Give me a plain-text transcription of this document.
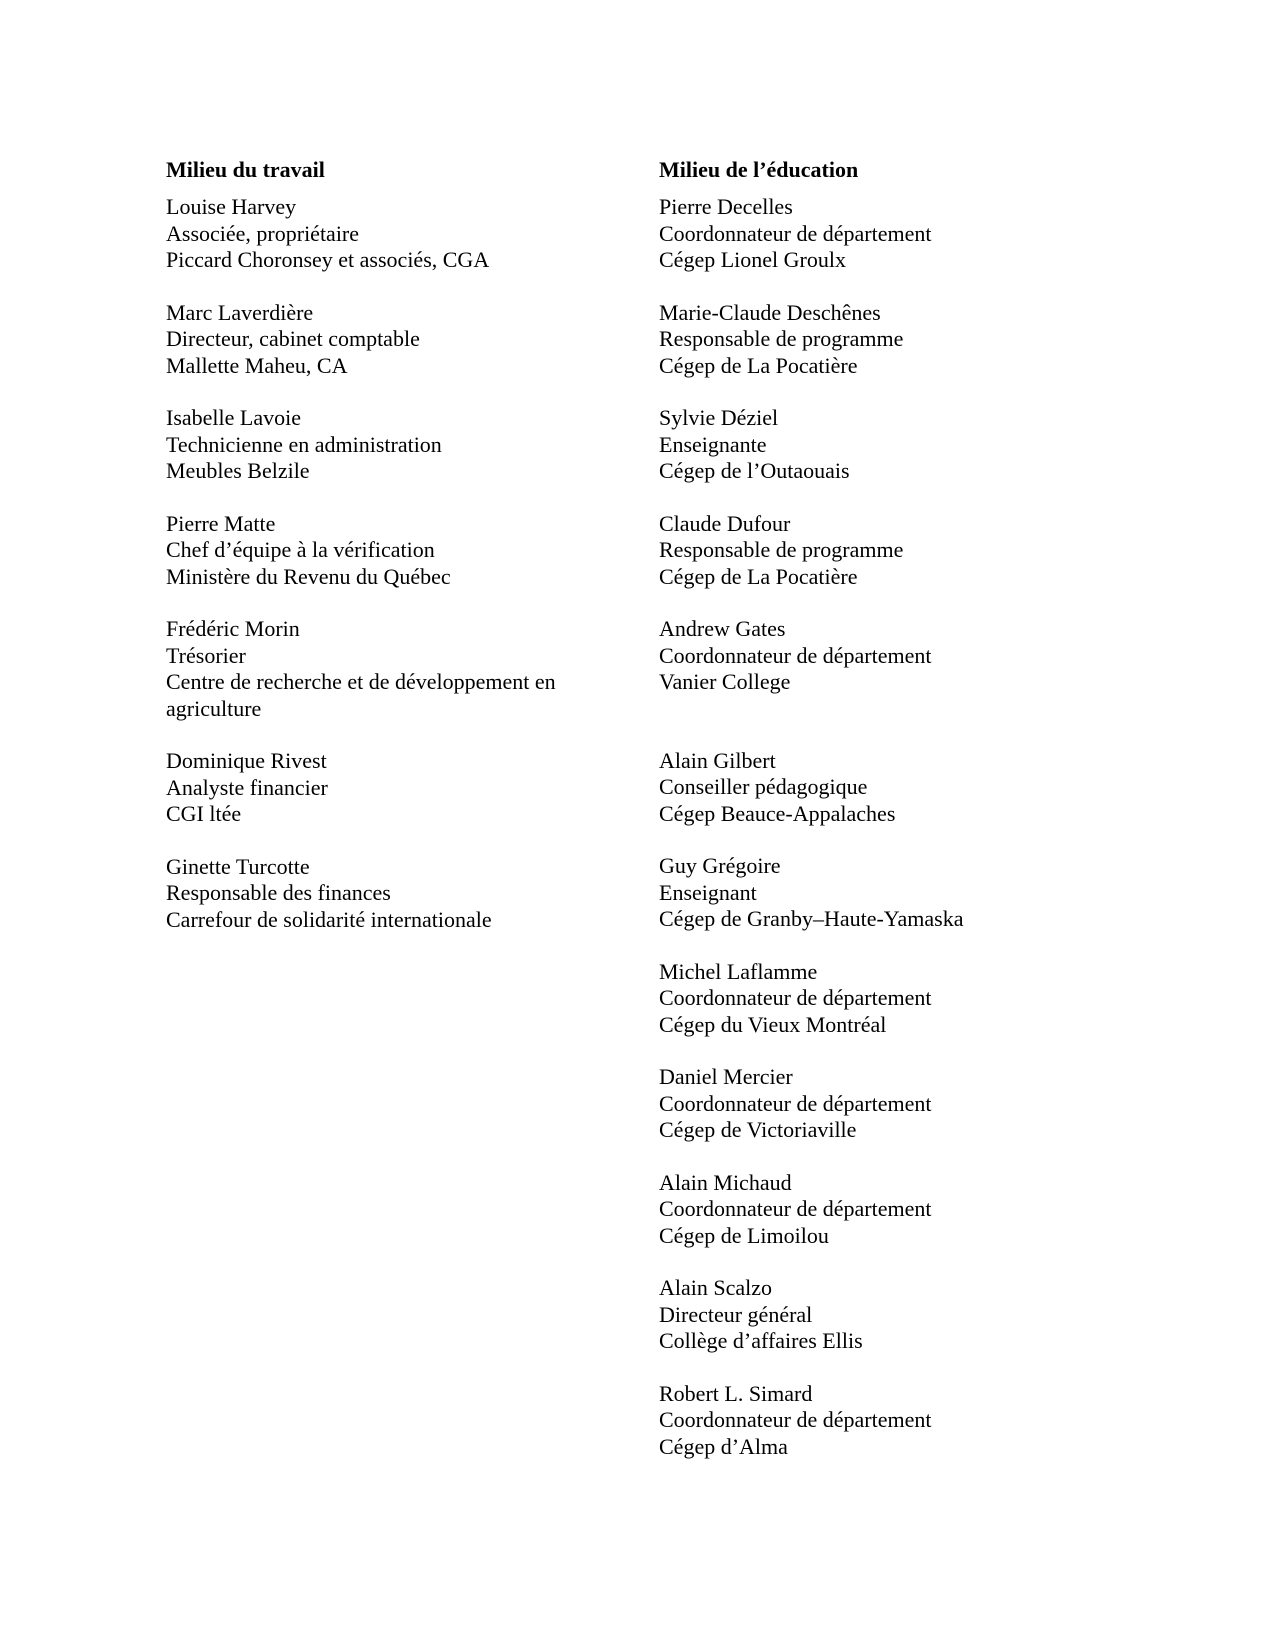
Milieu du travail
Louise Harvey
Associée, propriétaire
Piccard Choronsey et associés, CGA
Marc Laverdière
Directeur, cabinet comptable
Mallette Maheu, CA
Isabelle Lavoie
Technicienne en administration
Meubles Belzile
Pierre Matte
Chef d’équipe à la vérification
Ministère du Revenu du Québec
Frédéric Morin
Trésorier
Centre de recherche et de développement en agriculture
Dominique Rivest
Analyste financier
CGI ltée
Ginette Turcotte
Responsable des finances
Carrefour de solidarité internationale
Milieu de l’éducation
Pierre Decelles
Coordonnateur de département
Cégep Lionel Groulx
Marie-Claude Deschênes
Responsable de programme
Cégep de La Pocatière
Sylvie Déziel
Enseignante
Cégep de l’Outaouais
Claude Dufour
Responsable de programme
Cégep de La Pocatière
Andrew Gates
Coordonnateur de département
Vanier College
Alain Gilbert
Conseiller pédagogique
Cégep Beauce-Appalaches
Guy Grégoire
Enseignant
Cégep de Granby–Haute-Yamaska
Michel Laflamme
Coordonnateur de département
Cégep du Vieux Montréal
Daniel Mercier
Coordonnateur de département
Cégep de Victoriaville
Alain Michaud
Coordonnateur de département
Cégep de Limoilou
Alain Scalzo
Directeur général
Collège d’affaires Ellis
Robert L. Simard
Coordonnateur de département
Cégep d’Alma
